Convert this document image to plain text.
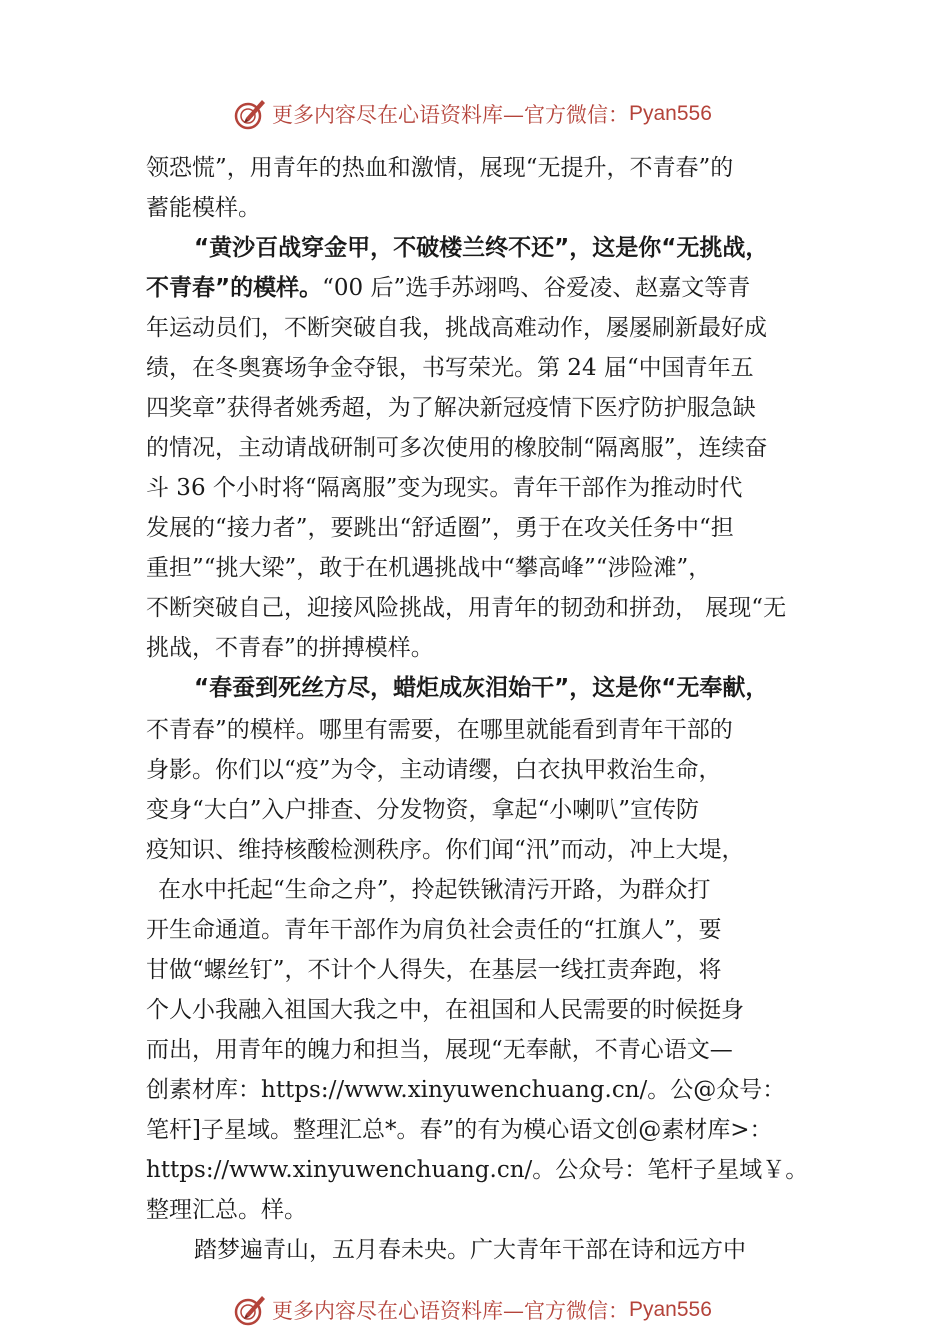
更多内容尽在心语资料库—官方微信： Pyan556
领恐慌”，用青年的热血和激情，展现“无提升，不青春”的
蓄能模样。
“黄沙百战穿金甲，不破楼兰终不还”，这是你“无挑战，
不青春”的模样。“00 后”选手苏翊鸣、谷爱凌、赵嘉文等青
年运动员们，不断突破自我，挑战高难动作，屡屡刷新最好成
绩，在冬奥赛场争金夺银，书写荣光。第 24 届“中国青年五
四奖章”获得者姚秀超，为了解决新冠疫情下医疗防护服急缺
的情况，主动请战研制可多次使用的橡胶制“隔离服”，连续奋
斗 36 个小时将“隔离服”变为现实。青年干部作为推动时代
发展的“接力者”，要跳出“舒适圈”，勇于在攻关任务中“担
重担”“挑大梁”，敢于在机遇挑战中“攀高峰”“涉险滩”，
不断突破自己，迎接风险挑战，用青年的韧劲和拼劲， 展现“无
挑战，不青春”的拼搏模样。
“春蚕到死丝方尽，蜡炬成灰泪始干”，这是你“无奉献，
不青春”的模样。哪里有需要，在哪里就能看到青年干部的
身影。你们以“疫”为令，主动请缨，白衣执甲救治生命，
变身“大白”入户排查、分发物资，拿起“小喇叭”宣传防
疫知识、维持核酸检测秩序。你们闻“汛”而动，冲上大堤，
在水中托起“生命之舟”，拎起铁锹清污开路，为群众打
开生命通道。青年干部作为肩负社会责任的“扛旗人”，要
甘做“螺丝钉”，不计个人得失，在基层一线扛责奔跑，将
个人小我融入祖国大我之中，在祖国和人民需要的时候挺身
而出，用青年的魄力和担当，展现“无奉献，不青心语文—
创素材库：https://www.xinyuwenchuang.cn/。公@众号：
笔杆]子星域。整理汇总*。春”的有为模心语文创@素材库>：
https://www.xinyuwenchuang.cn/。公众号：笔杆子星域￥。
整理汇总。样。
踏梦遍青山，五月春未央。广大青年干部在诗和远方中
更多内容尽在心语资料库—官方微信： Pyan556
